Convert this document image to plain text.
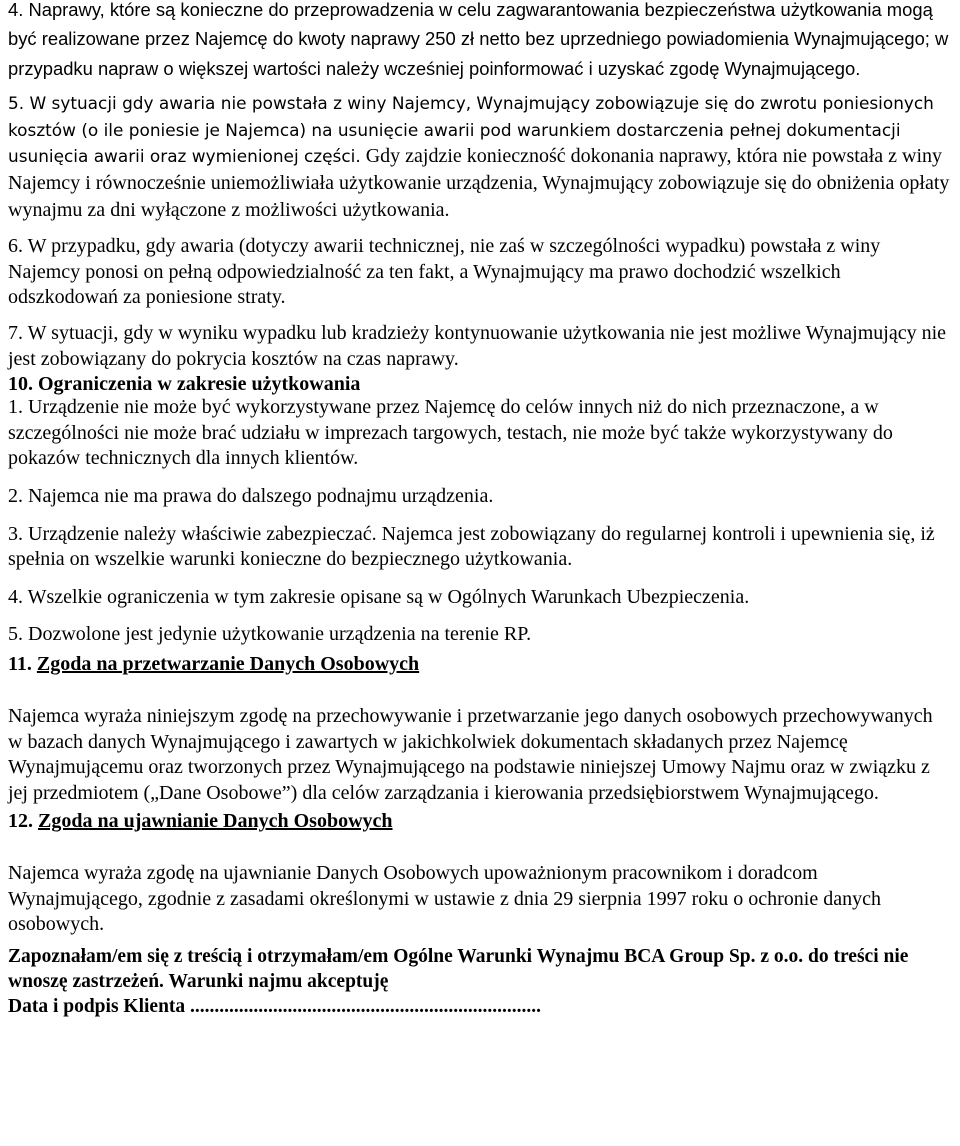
4. Naprawy, które są konieczne do przeprowadzenia w celu zagwarantowania bezpieczeństwa użytkowania mogą być realizowane przez Najemcę do kwoty naprawy 250 zł netto bez uprzedniego powiadomienia Wynajmującego; w przypadku napraw o większej wartości należy wcześniej poinformować i uzyskać zgodę Wynajmującego.

5. W sytuacji gdy awaria nie powstała z winy Najemcy, Wynajmujący zobowiązuje się do zwrotu poniesionych kosztów (o ile poniesie je Najemca) na usunięcie awarii pod warunkiem dostarczenia pełnej dokumentacji usunięcia awarii oraz wymienionej części. Gdy zajdzie konieczność dokonania naprawy, która nie powstała z winy Najemcy i równocześnie uniemożliwiała użytkowanie urządzenia, Wynajmujący zobowiązuje się do obniżenia opłaty wynajmu za dni wyłączone z możliwości użytkowania.

6. W przypadku, gdy awaria (dotyczy awarii technicznej, nie zaś w szczególności wypadku) powstała z winy Najemcy ponosi on pełną odpowiedzialność za ten fakt, a Wynajmujący ma prawo dochodzić wszelkich odszkodowań za poniesione straty.

7. W sytuacji, gdy w wyniku wypadku lub kradzieży kontynuowanie użytkowania nie jest możliwe Wynajmujący nie jest zobowiązany do pokrycia kosztów na czas naprawy.

10. Ograniczenia w zakresie użytkowania

1. Urządzenie nie może być wykorzystywane przez Najemcę do celów innych niż do nich przeznaczone, a w szczególności nie może brać udziału w imprezach targowych, testach, nie może być także wykorzystywany do pokazów technicznych dla innych klientów.

2. Najemca nie ma prawa do dalszego podnajmu urządzenia.

3. Urządzenie należy właściwie zabezpieczać. Najemca jest zobowiązany do regularnej kontroli i upewnienia się, iż spełnia on wszelkie warunki konieczne do bezpiecznego użytkowania.

4. Wszelkie ograniczenia w tym zakresie opisane są w Ogólnych Warunkach Ubezpieczenia.

5. Dozwolone jest jedynie użytkowanie urządzenia na terenie RP.

11. Zgoda na przetwarzanie Danych Osobowych

Najemca wyraża niniejszym zgodę na przechowywanie i przetwarzanie jego danych osobowych przechowywanych w bazach danych Wynajmującego i zawartych w jakichkolwiek dokumentach składanych przez Najemcę Wynajmującemu oraz tworzonych przez Wynajmującego na podstawie niniejszej Umowy Najmu oraz w związku z jej przedmiotem („Dane Osobowe”) dla celów zarządzania i kierowania przedsiębiorstwem Wynajmującego.

12. Zgoda na ujawnianie Danych Osobowych

Najemca wyraża zgodę na ujawnianie Danych Osobowych upoważnionym pracownikom i doradcom Wynajmującego, zgodnie z zasadami określonymi w ustawie z dnia 29 sierpnia 1997 roku o ochronie danych osobowych.

Zapoznałam/em się z treścią i otrzymałam/em Ogólne Warunki Wynajmu BCA Group Sp. z o.o. do treści nie wnoszę zastrzeżeń. Warunki najmu akceptuję

Data i podpis Klienta ........................................................................
